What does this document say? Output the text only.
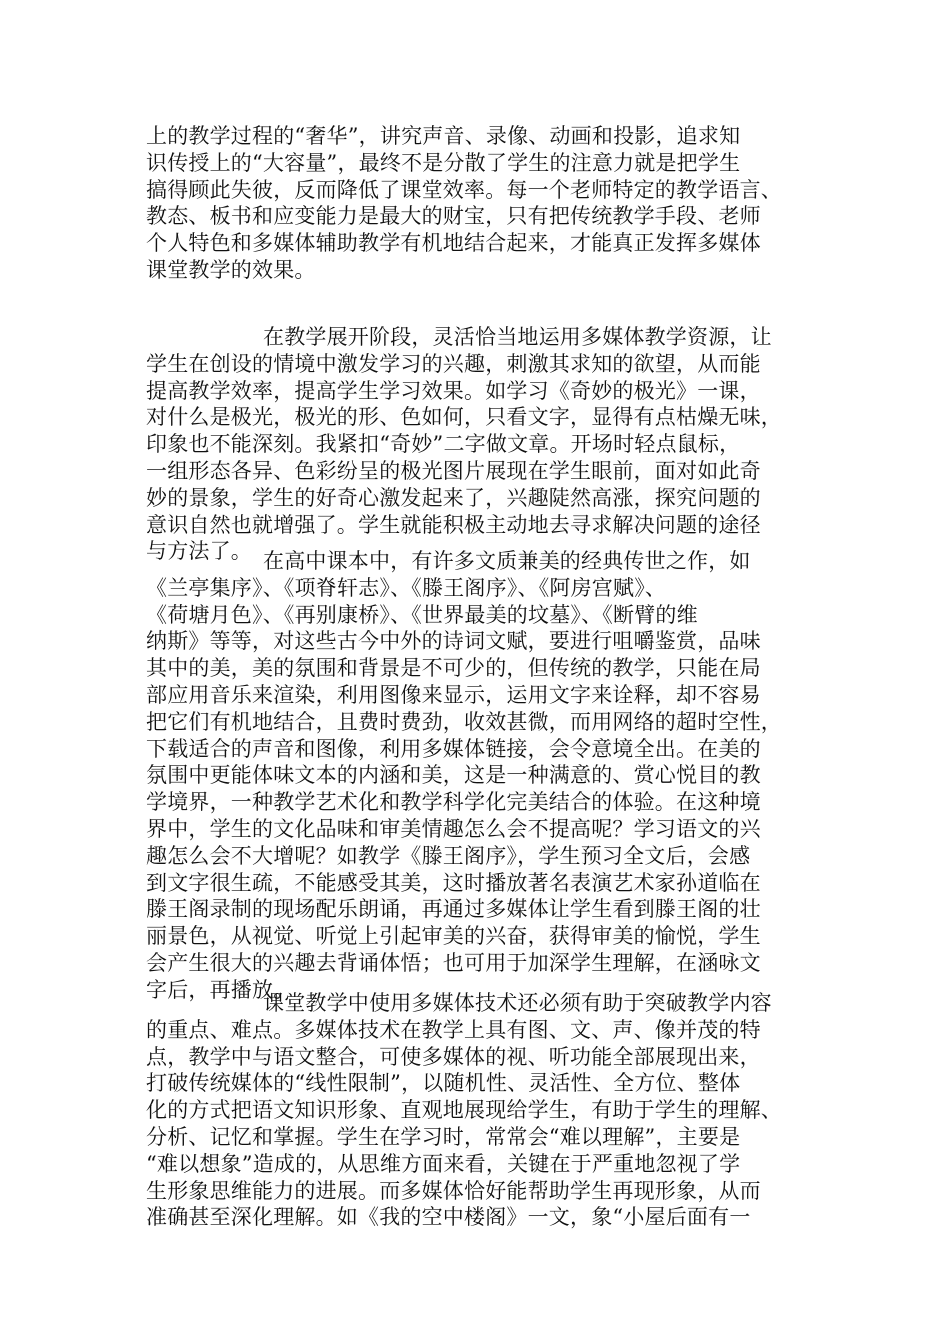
上的教学过程的“奢华”，讲究声音、录像、动画和投影，追求知
识传授上的“大容量”，最终不是分散了学生的注意力就是把学生
搞得顾此失彼，反而降低了课堂效率。每一个老师特定的教学语言、
教态、板书和应变能力是最大的财宝，只有把传统教学手段、老师
个人特色和多媒体辅助教学有机地结合起来，才能真正发挥多媒体
课堂教学的效果。
在教学展开阶段，灵活恰当地运用多媒体教学资源，让
学生在创设的情境中激发学习的兴趣，刺激其求知的欲望，从而能
提高教学效率，提高学生学习效果。如学习《奇妙的极光》一课，
对什么是极光，极光的形、色如何，只看文字，显得有点枯燥无味，
印象也不能深刻。我紧扣“奇妙”二字做文章。开场时轻点鼠标，
一组形态各异、色彩纷呈的极光图片展现在学生眼前，面对如此奇
妙的景象，学生的好奇心激发起来了，兴趣陡然高涨，探究问题的
意识自然也就增强了。学生就能积极主动地去寻求解决问题的途径
与方法了。 在高中课本中，有许多文质兼美的经典传世之作，如
《兰亭集序》、《项脊轩志》、《滕王阁序》、《阿房宫赋》、
《荷塘月色》、《再别康桥》、《世界最美的坟墓》、《断臂的维
纳斯》等等，对这些古今中外的诗词文赋，要进行咀嚼鉴赏，品味
其中的美，美的氛围和背景是不可少的，但传统的教学，只能在局
部应用音乐来渲染，利用图像来显示，运用文字来诠释，却不容易
把它们有机地结合，且费时费劲，收效甚微，而用网络的超时空性，
下载适合的声音和图像，利用多媒体链接，会令意境全出。在美的
氛围中更能体味文本的内涵和美，这是一种满意的、赏心悦目的教
学境界，一种教学艺术化和教学科学化完美结合的体验。在这种境
界中，学生的文化品味和审美情趣怎么会不提高呢？学习语文的兴
趣怎么会不大增呢？如教学《滕王阁序》，学生预习全文后，会感
到文字很生疏，不能感受其美，这时播放著名表演艺术家孙道临在
滕王阁录制的现场配乐朗诵，再通过多媒体让学生看到滕王阁的壮
丽景色，从视觉、听觉上引起审美的兴奋，获得审美的愉悦，学生
会产生很大的兴趣去背诵体悟；也可用于加深学生理解，在涵咏文
字后，再播放。
课堂教学中使用多媒体技术还必须有助于突破教学内容
的重点、难点。多媒体技术在教学上具有图、文、声、像并茂的特
点，教学中与语文整合，可使多媒体的视、听功能全部展现出来，
打破传统媒体的“线性限制”，以随机性、灵活性、全方位、整体
化的方式把语文知识形象、直观地展现给学生，有助于学生的理解、
分析、记忆和掌握。学生在学习时，常常会“难以理解”，主要是
“难以想象”造成的，从思维方面来看，关键在于严重地忽视了学
生形象思维能力的进展。而多媒体恰好能帮助学生再现形象，从而
准确甚至深化理解。如《我的空中楼阁》一文，象“小屋后面有一
